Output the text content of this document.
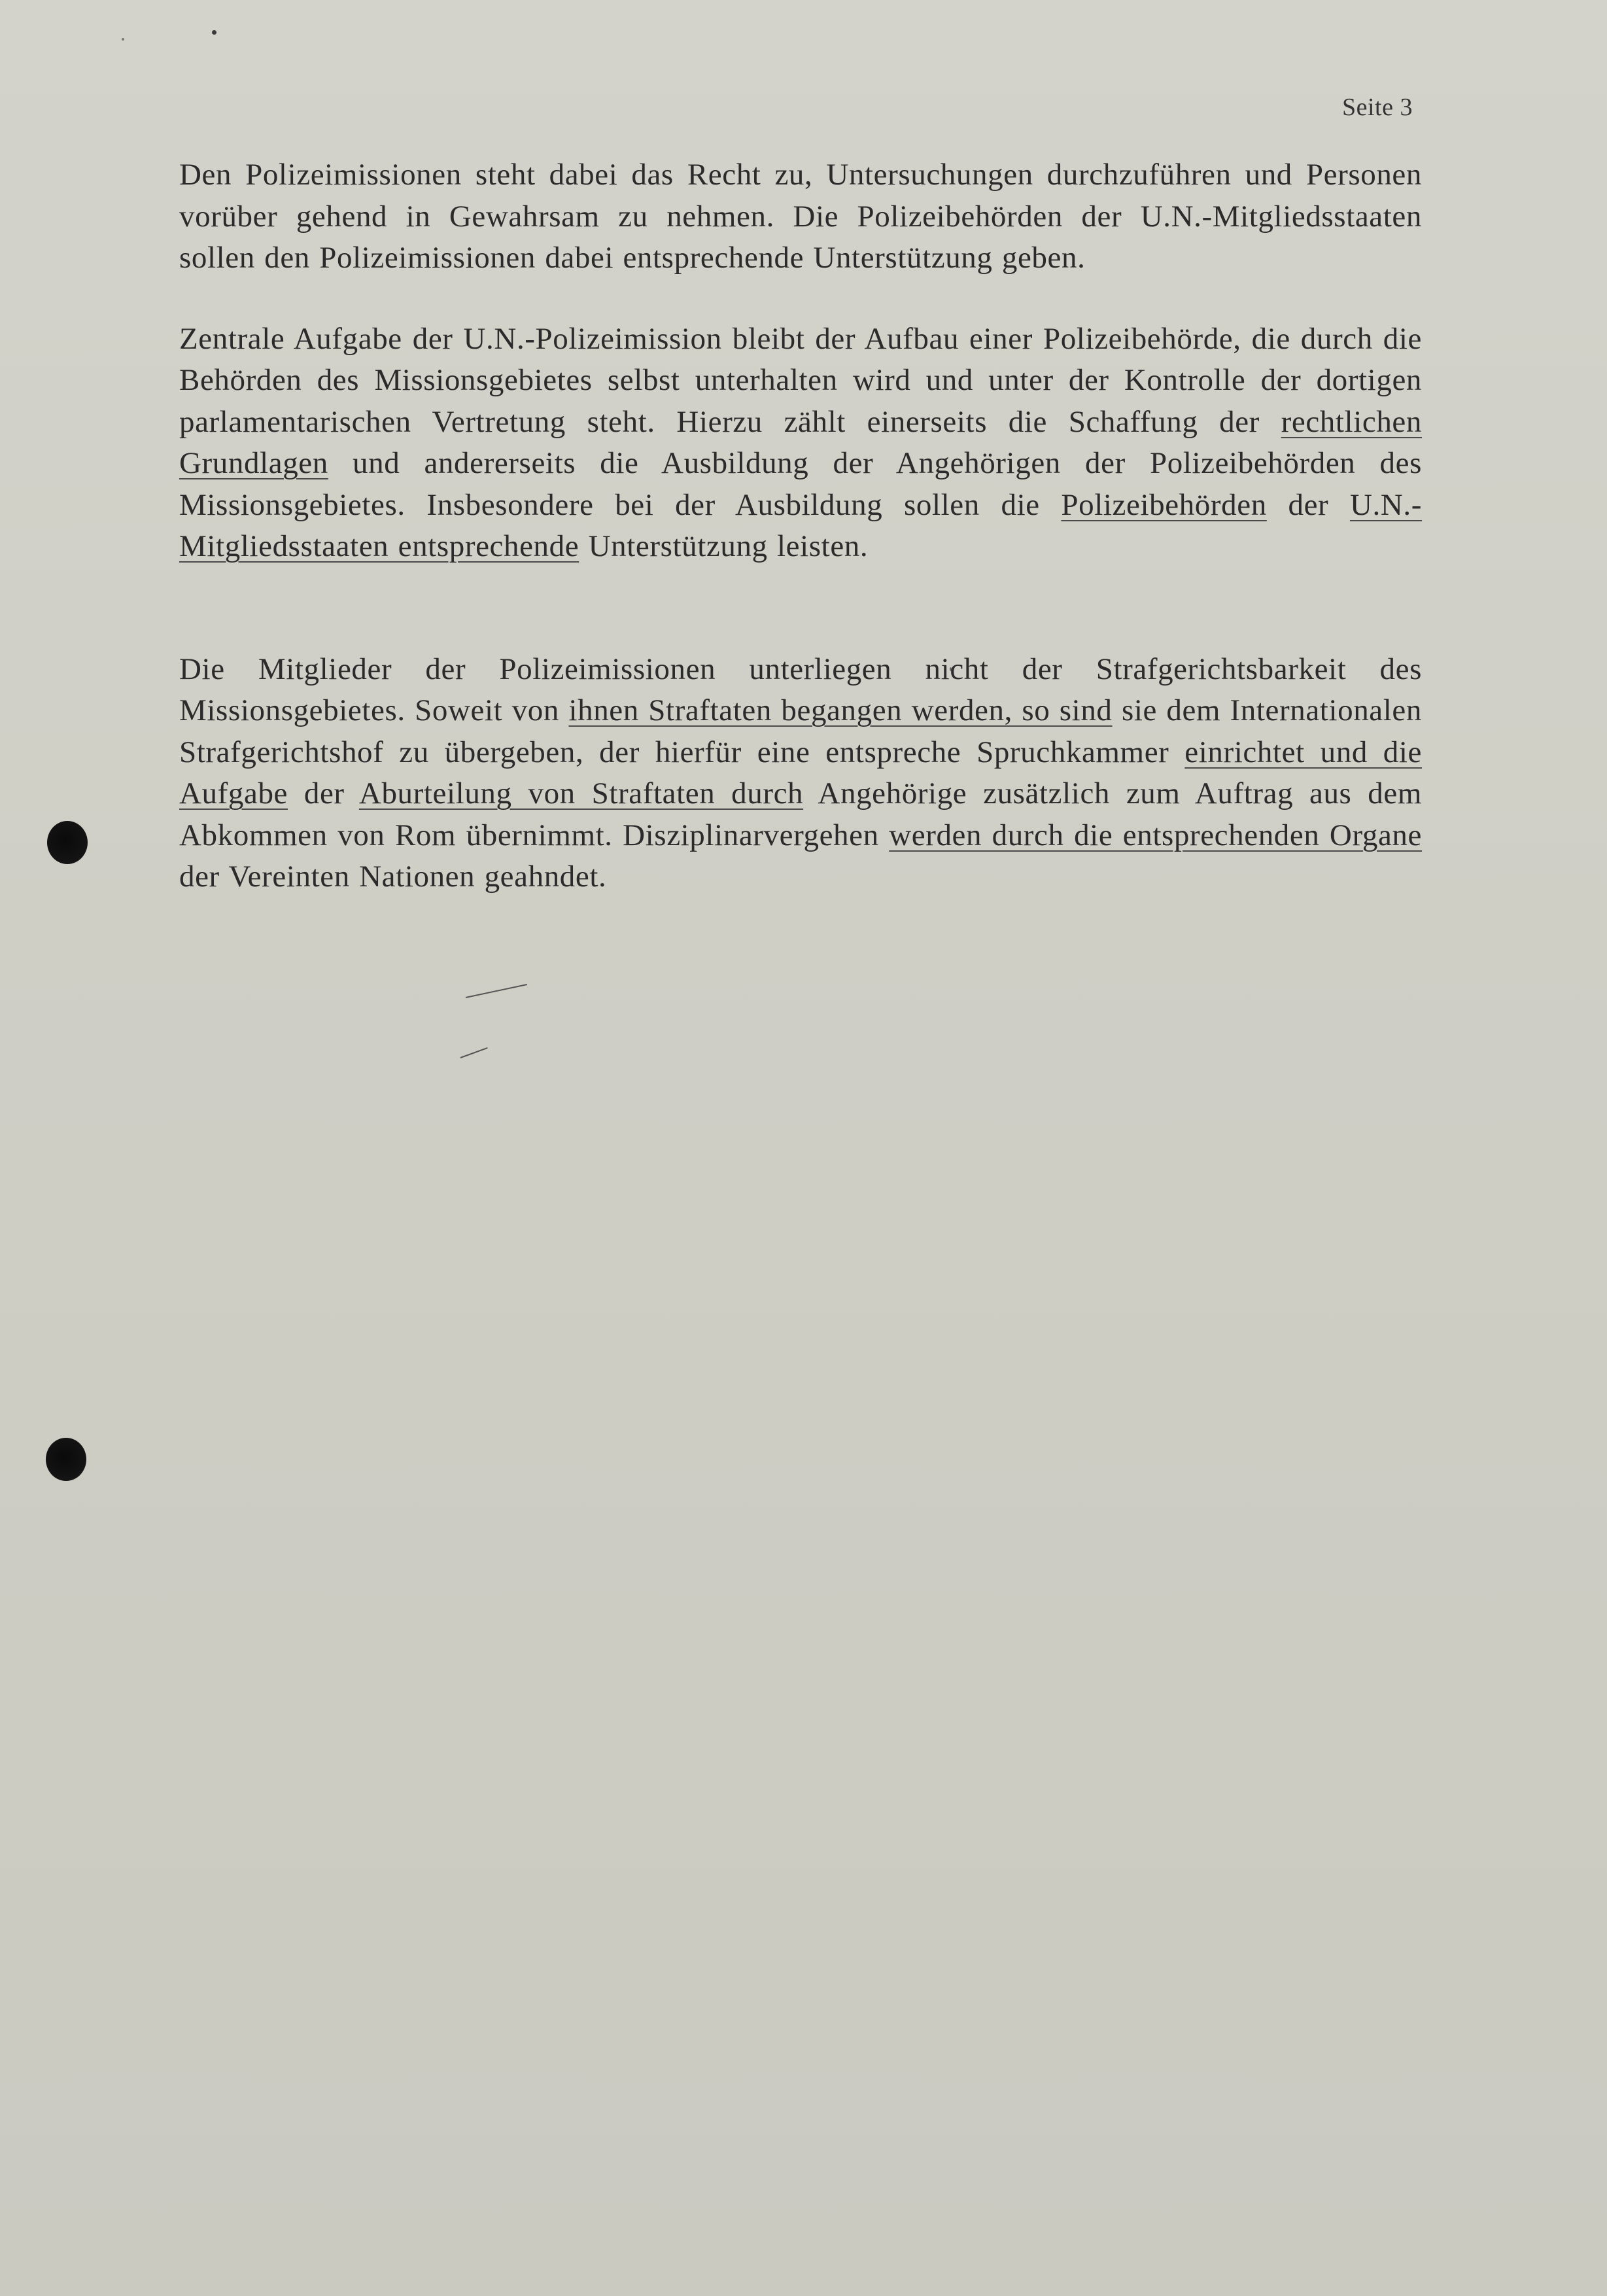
Seite 3

Den Polizeimissionen steht dabei das Recht zu, Untersuchungen durchzuführen und Personen vorüber gehend in Gewahrsam zu nehmen. Die Polizeibehörden der U.N.-Mitgliedsstaaten sollen den Polizeimissionen dabei entsprechende Unterstützung geben.

Zentrale Aufgabe der U.N.-Polizeimission bleibt der Aufbau einer Polizeibehörde, die durch die Behörden des Missionsgebietes selbst unterhalten wird und unter der Kontrolle der dortigen parlamentarischen Vertretung steht. Hierzu zählt einerseits die Schaffung der rechtlichen Grundlagen und andererseits die Ausbildung der Angehörigen der Polizeibehörden des Missionsgebietes. Insbesondere bei der Ausbildung sollen die Polizeibehörden der U.N.-Mitgliedsstaaten entsprechende Unterstützung leisten.

Die Mitglieder der Polizeimissionen unterliegen nicht der Strafgerichtsbarkeit des Missionsgebietes. Soweit von ihnen Straftaten begangen werden, so sind sie dem Internationalen Strafgerichtshof zu übergeben, der hierfür eine entspreche Spruchkammer einrichtet und die Aufgabe der Aburteilung von Straftaten durch Angehörige zusätzlich zum Auftrag aus dem Abkommen von Rom übernimmt. Disziplinarvergehen werden durch die entsprechenden Organe der Vereinten Nationen geahndet.
